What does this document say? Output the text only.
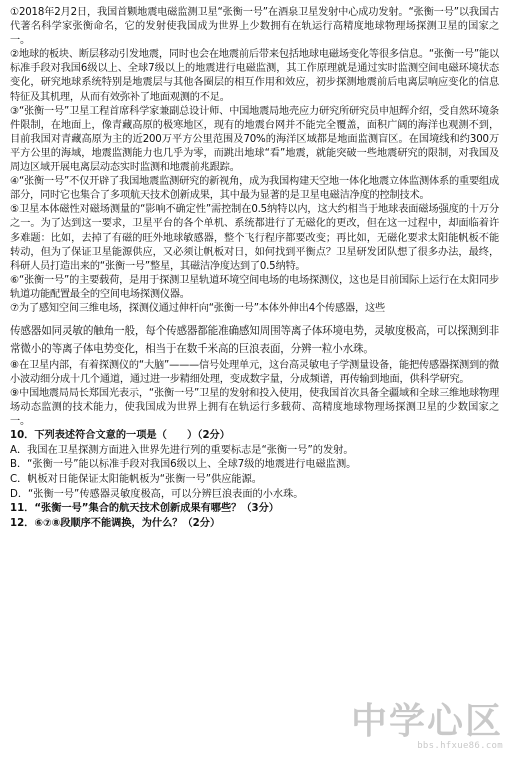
①2018年2月2日，我国首颗地震电磁监测卫星“张衡一号”在酒泉卫星发射中心成功发射。“张衡一号”以我国古代著名科学家张衡命名，它的发射使我国成为世界上少数拥有在轨运行高精度地球物理场探测卫星的国家之一。

②地球的板块、断层移动引发地震，同时也会在地震前后带来包括地球电磁场变化等很多信息。“张衡一号”能以标准手段对我国6级以上、全球7级以上的地震进行电磁监测，其工作原理就是通过实时监测空间电磁环境状态变化，研究地球系统特别是地震层与其他各圈层的相互作用和效应，初步探测地震前后电离层响应变化的信息特征及其机理，从而有效弥补了地面观测的不足。

③“张衡一号”卫星工程首席科学家兼副总设计师、中国地震局地壳应力研究所研究员申旭辉介绍，受自然环境条件限制，在地面上，像青藏高原的极寒地区，现有的地震台网并不能完全覆盖，面积广阔的海洋也观测不到，目前我国对青藏高原为主的近200万平方公里范围及70%的海洋区域都是地面监测盲区。在国境线和约300万平方公里的海域，地震监测能力也几乎为零，而跳出地球“看”地震，就能突破一些地震研究的限制，对我国及周边区域开展电离层动态实时监测和地震前兆跟踪。

④“张衡一号”不仅开辟了我国地震监测研究的新视角，成为我国构建天空地一体化地震立体监测体系的重要组成部分，同时它也集合了多项航天技术创新成果，其中最为显著的是卫星电磁洁净度的控制技术。

⑤卫星本体磁性对磁场测量的“影响不确定性”需控制在0.5纳特以内，这大约相当于地球表面磁场强度的十万分之一。为了达到这一要求，卫星平台的各个单机、系统都进行了无磁化的更改，但在这一过程中，却面临着许多难题：比如，去掉了有磁的旺外地球敏感器，整个飞行程序都要改变；再比如，无磁化要求太阳能帆板不能转动，但为了保证卫星能源供应，又必须让帆板对日，如何找到平衡点？卫星研发团队想了很多办法，最终，科研人员打造出来的“张衡一号”整星，其磁洁净度达到了0.5纳特。

⑥“张衡一号”的主要载荷，是用于探测卫星轨道环境空间电场的电场探测仪，这也是目前国际上运行在太阳同步轨道功能配置最全的空间电场探测仪器。

⑦为了感知空间三维电场，探测仪通过伸杆向“张衡一号”本体外伸出4个传感器，这些

传感器如同灵敏的触角一般，每个传感器都能准确感知周围等离子体环境电势，灵敏度极高，可以探测到非常微小的等离子体电势变化，相当于在数千米高的巨浪表面，分辨一粒小水珠。

⑧在卫星内部，有着探测仪的“大脑”———信号处理单元，这台高灵敏电子学测量设备，能把传感器探测到的微小波动细分成十几个通道，通过进一步精细处理，变成数字量，分成频谱，再传输到地面，供科学研究。

⑨中国地震局局长郑国光表示，“张衡一号”卫星的发射和投入使用，使我国首次具备全疆域和全球三维地球物理场动态监测的技术能力，使我国成为世界上拥有在轨运行多载荷、高精度地球物理场探测卫星的少数国家之一。

10．下列表述符合文意的一项是（　　）（2分）

A．我国在卫星探测方面进入世界先进行列的重要标志是“张衡一号”的发射。

B．“张衡一号”能以标准手段对我国6级以上、全球7级的地震进行电磁监测。

C．帆板对日能保证太阳能帆板为“张衡一号”供应能源。

D．“张衡一号”传感器灵敏度极高，可以分辨巨浪表面的小水珠。

11．“张衡一号”集合的航天技术创新成果有哪些？（3分）

12．⑥⑦⑧段顺序不能调换，为什么？（2分）

中学心区
bbs.hfxue86.com
